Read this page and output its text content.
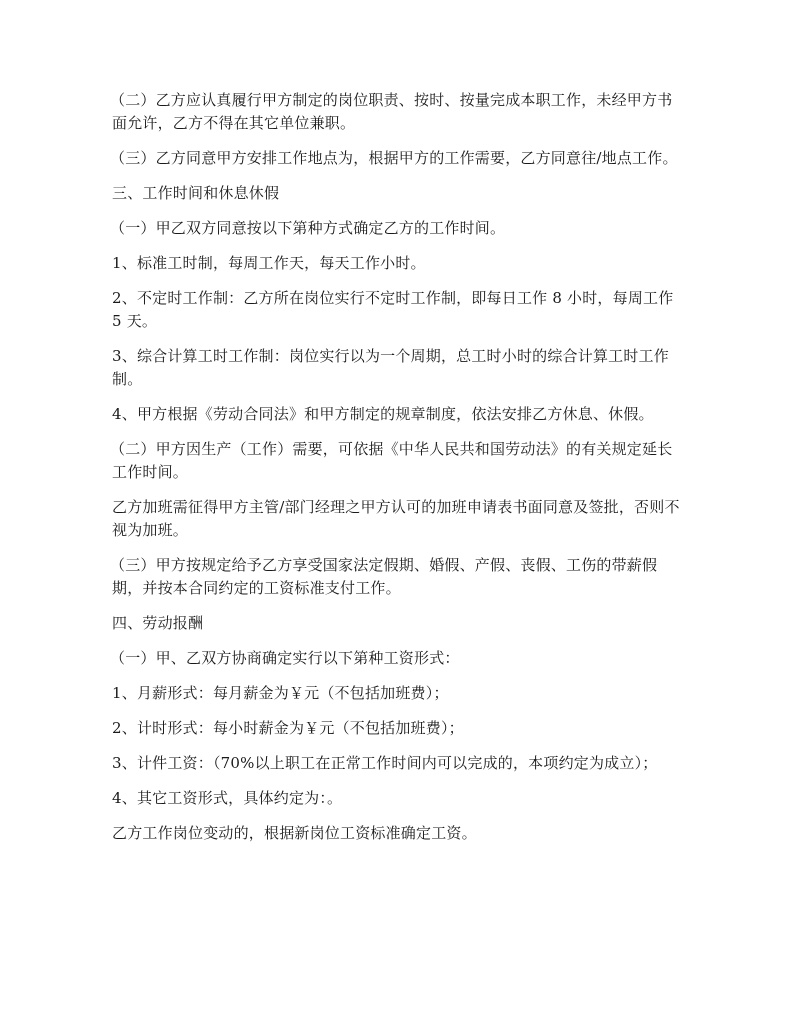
（二）乙方应认真履行甲方制定的岗位职责、按时、按量完成本职工作，未经甲方书面允许，乙方不得在其它单位兼职。

（三）乙方同意甲方安排工作地点为，根据甲方的工作需要，乙方同意往/地点工作。

三、工作时间和休息休假

（一）甲乙双方同意按以下第种方式确定乙方的工作时间。

1、标准工时制，每周工作天，每天工作小时。

2、不定时工作制：乙方所在岗位实行不定时工作制，即每日工作 8 小时，每周工作 5 天。

3、综合计算工时工作制：岗位实行以为一个周期，总工时小时的综合计算工时工作制。

4、甲方根据《劳动合同法》和甲方制定的规章制度，依法安排乙方休息、休假。

（二）甲方因生产（工作）需要，可依据《中华人民共和国劳动法》的有关规定延长工作时间。

乙方加班需征得甲方主管/部门经理之甲方认可的加班申请表书面同意及签批，否则不视为加班。

（三）甲方按规定给予乙方享受国家法定假期、婚假、产假、丧假、工伤的带薪假期，并按本合同约定的工资标准支付工作。

四、劳动报酬

（一）甲、乙双方协商确定实行以下第种工资形式：

1、月薪形式：每月薪金为￥元（不包括加班费）；

2、计时形式：每小时薪金为￥元（不包括加班费）；

3、计件工资：（70%以上职工在正常工作时间内可以完成的，本项约定为成立）；

4、其它工资形式，具体约定为：。

乙方工作岗位变动的，根据新岗位工资标准确定工资。
